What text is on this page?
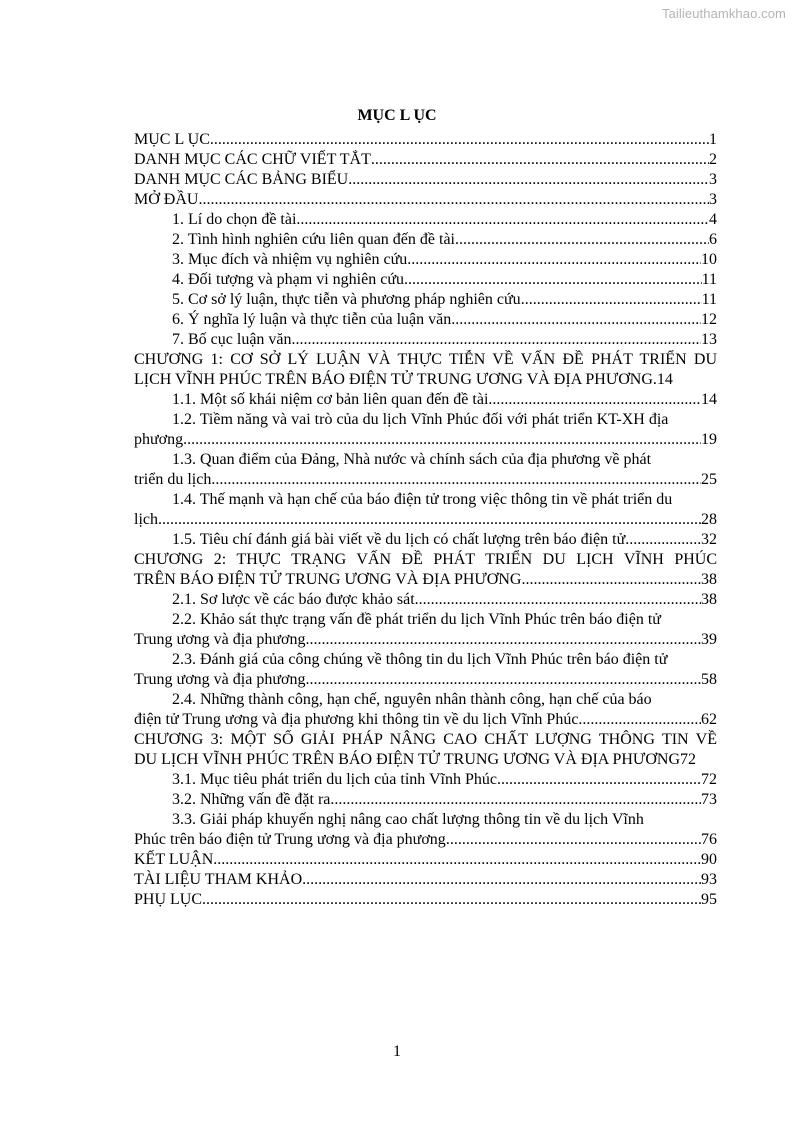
Tailieuthamkhao.com
MỤC L ỤC
MỤC L ỤC .....	1
DANH MỤC CÁC CHỮ VIẾT TẮT .....	2
DANH MỤC CÁC BẢNG BIỂU .....	3
MỞ ĐẦU .....	3
1. Lí do chọn đề tài .....	4
2. Tình hình nghiên cứu liên quan đến đề tài .....	6
3. Mục đích và nhiệm vụ nghiên cứu .....	10
4. Đối tượng và phạm vi nghiên cứu .....	11
5. Cơ sở lý luận, thực tiễn và phương pháp nghiên cứu .....	11
6. Ý nghĩa lý luận và thực tiễn của luận văn .....	12
7. Bố cục luận văn .....	13
CHƯƠNG 1: CƠ SỞ LÝ LUẬN VÀ THỰC TIỄN VỀ VẤN ĐỀ PHÁT TRIỂN DU
LỊCH VĨNH PHÚC TRÊN BÁO ĐIỆN TỬ TRUNG ƯƠNG VÀ ĐỊA PHƯƠNG. 14
1.1. Một số khái niệm cơ bản liên quan đến đề tài .....	14
1.2. Tiềm năng và vai trò của du lịch Vĩnh Phúc đối với phát triển KT-XH địa
phương .....	19
1.3. Quan điểm của Đảng, Nhà nước và chính sách của địa phương về phát
triển du lịch .....	25
1.4. Thế mạnh và hạn chế của báo điện tử trong việc thông tin về phát triển du
lịch .....	28
1.5. Tiêu chí đánh giá bài viết về du lịch có chất lượng trên báo điện tử .....	32
CHƯƠNG 2: THỰC TRẠNG VẤN ĐỀ PHÁT TRIỂN DU LỊCH VĨNH PHÚC
TRÊN BÁO ĐIỆN TỬ TRUNG ƯƠNG VÀ ĐỊA PHƯƠNG .....	38
2.1. Sơ lược về các báo được khảo sát .....	38
2.2. Khảo sát thực trạng vấn đề phát triển du lịch Vĩnh Phúc trên báo điện tử
Trung ương và địa phương .....	39
2.3. Đánh giá của công chúng về thông tin du lịch Vĩnh Phúc trên báo điện tử
Trung ương và địa phương .....	58
2.4. Những thành công, hạn chế, nguyên nhân thành công, hạn chế của báo
điện tử Trung ương và địa phương khi thông tin về du lịch Vĩnh Phúc .....	62
CHƯƠNG 3: MỘT SỐ GIẢI PHÁP NÂNG CAO CHẤT LƯỢNG THÔNG TIN VỀ
DU LỊCH VĨNH PHÚC TRÊN BÁO ĐIỆN TỬ TRUNG ƯƠNG VÀ ĐỊA PHƯƠNG 72
3.1. Mục tiêu phát triển du lịch của tỉnh Vĩnh Phúc .....	72
3.2. Những vấn đề đặt ra .....	73
3.3. Giải pháp khuyến nghị nâng cao chất lượng thông tin về du lịch Vĩnh
Phúc trên báo điện tử Trung ương và địa phương .....	76
KẾT LUẬN .....	90
TÀI LIỆU THAM KHẢO .....	93
PHỤ LỤC .....	95
1
